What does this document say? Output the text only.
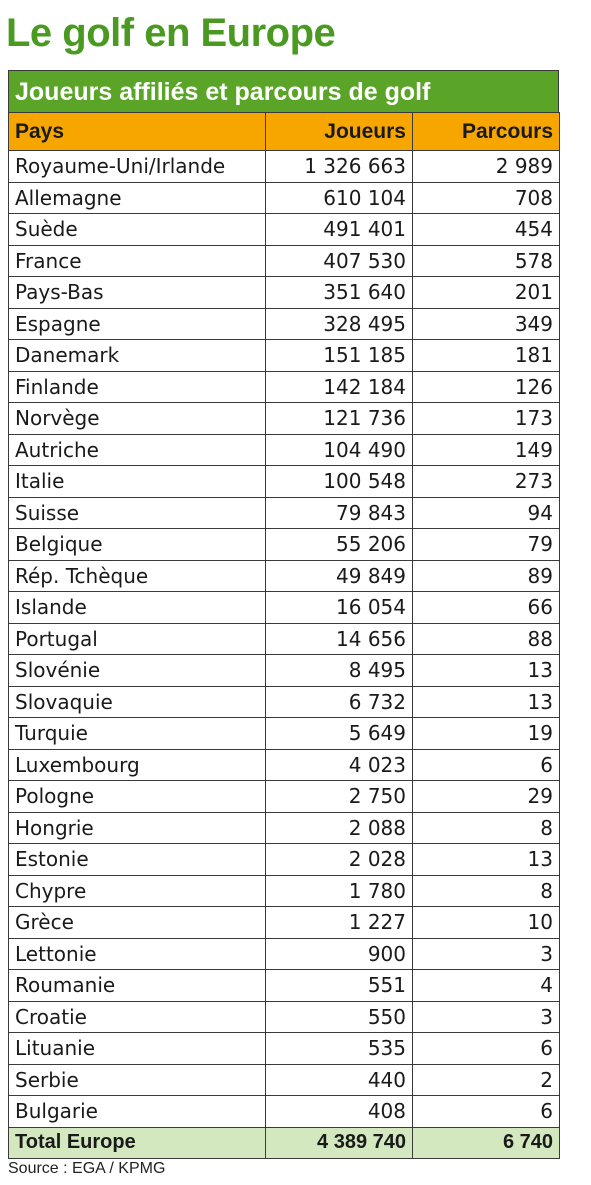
Le golf en Europe
Joueurs affiliés et parcours de golf
Pays	Joueurs	Parcours
Royaume-Uni/Irlande	1 326 663	2 989
Allemagne	610 104	708
Suède	491 401	454
France	407 530	578
Pays-Bas	351 640	201
Espagne	328 495	349
Danemark	151 185	181
Finlande	142 184	126
Norvège	121 736	173
Autriche	104 490	149
Italie	100 548	273
Suisse	79 843	94
Belgique	55 206	79
Rép. Tchèque	49 849	89
Islande	16 054	66
Portugal	14 656	88
Slovénie	8 495	13
Slovaquie	6 732	13
Turquie	5 649	19
Luxembourg	4 023	6
Pologne	2 750	29
Hongrie	2 088	8
Estonie	2 028	13
Chypre	1 780	8
Grèce	1 227	10
Lettonie	900	3
Roumanie	551	4
Croatie	550	3
Lituanie	535	6
Serbie	440	2
Bulgarie	408	6
Total Europe	4 389 740	6 740
Source : EGA / KPMG
